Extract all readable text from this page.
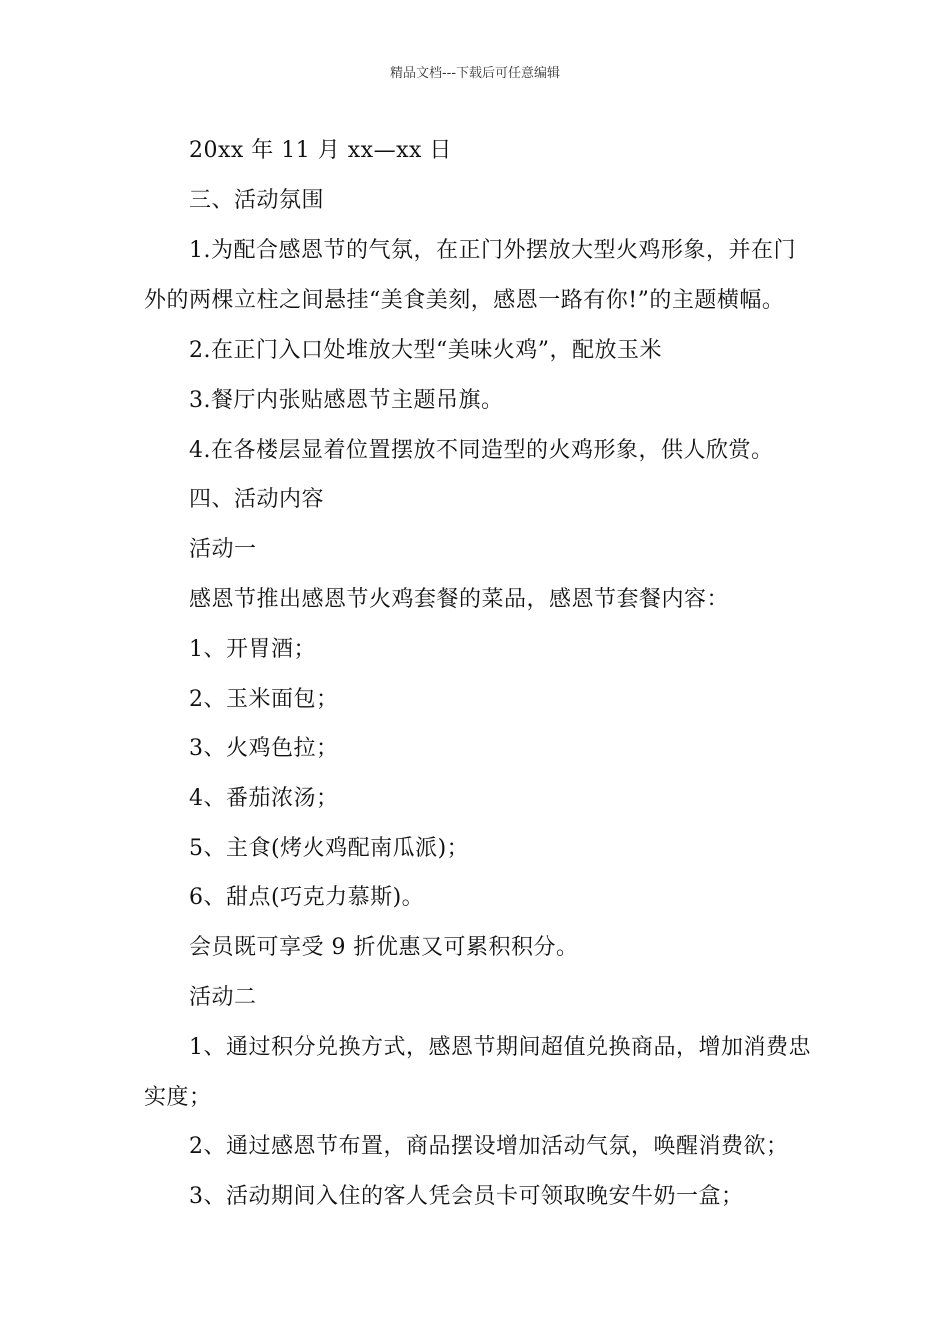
精品文档---下载后可任意编辑
20xx 年 11 月 xx—xx 日
三、活动氛围
1.为配合感恩节的气氛，在正门外摆放大型火鸡形象，并在门
外的两棵立柱之间悬挂“美食美刻，感恩一路有你!”的主题横幅。
2.在正门入口处堆放大型“美味火鸡”，配放玉米
3.餐厅内张贴感恩节主题吊旗。
4.在各楼层显着位置摆放不同造型的火鸡形象，供人欣赏。
四、活动内容
活动一
感恩节推出感恩节火鸡套餐的菜品，感恩节套餐内容：
1、开胃酒；
2、玉米面包；
3、火鸡色拉；
4、番茄浓汤；
5、主食(烤火鸡配南瓜派)；
6、甜点(巧克力慕斯)。
会员既可享受 9 折优惠又可累积积分。
活动二
1、通过积分兑换方式，感恩节期间超值兑换商品，增加消费忠
实度；
2、通过感恩节布置，商品摆设增加活动气氛，唤醒消费欲；
3、活动期间入住的客人凭会员卡可领取晚安牛奶一盒；
